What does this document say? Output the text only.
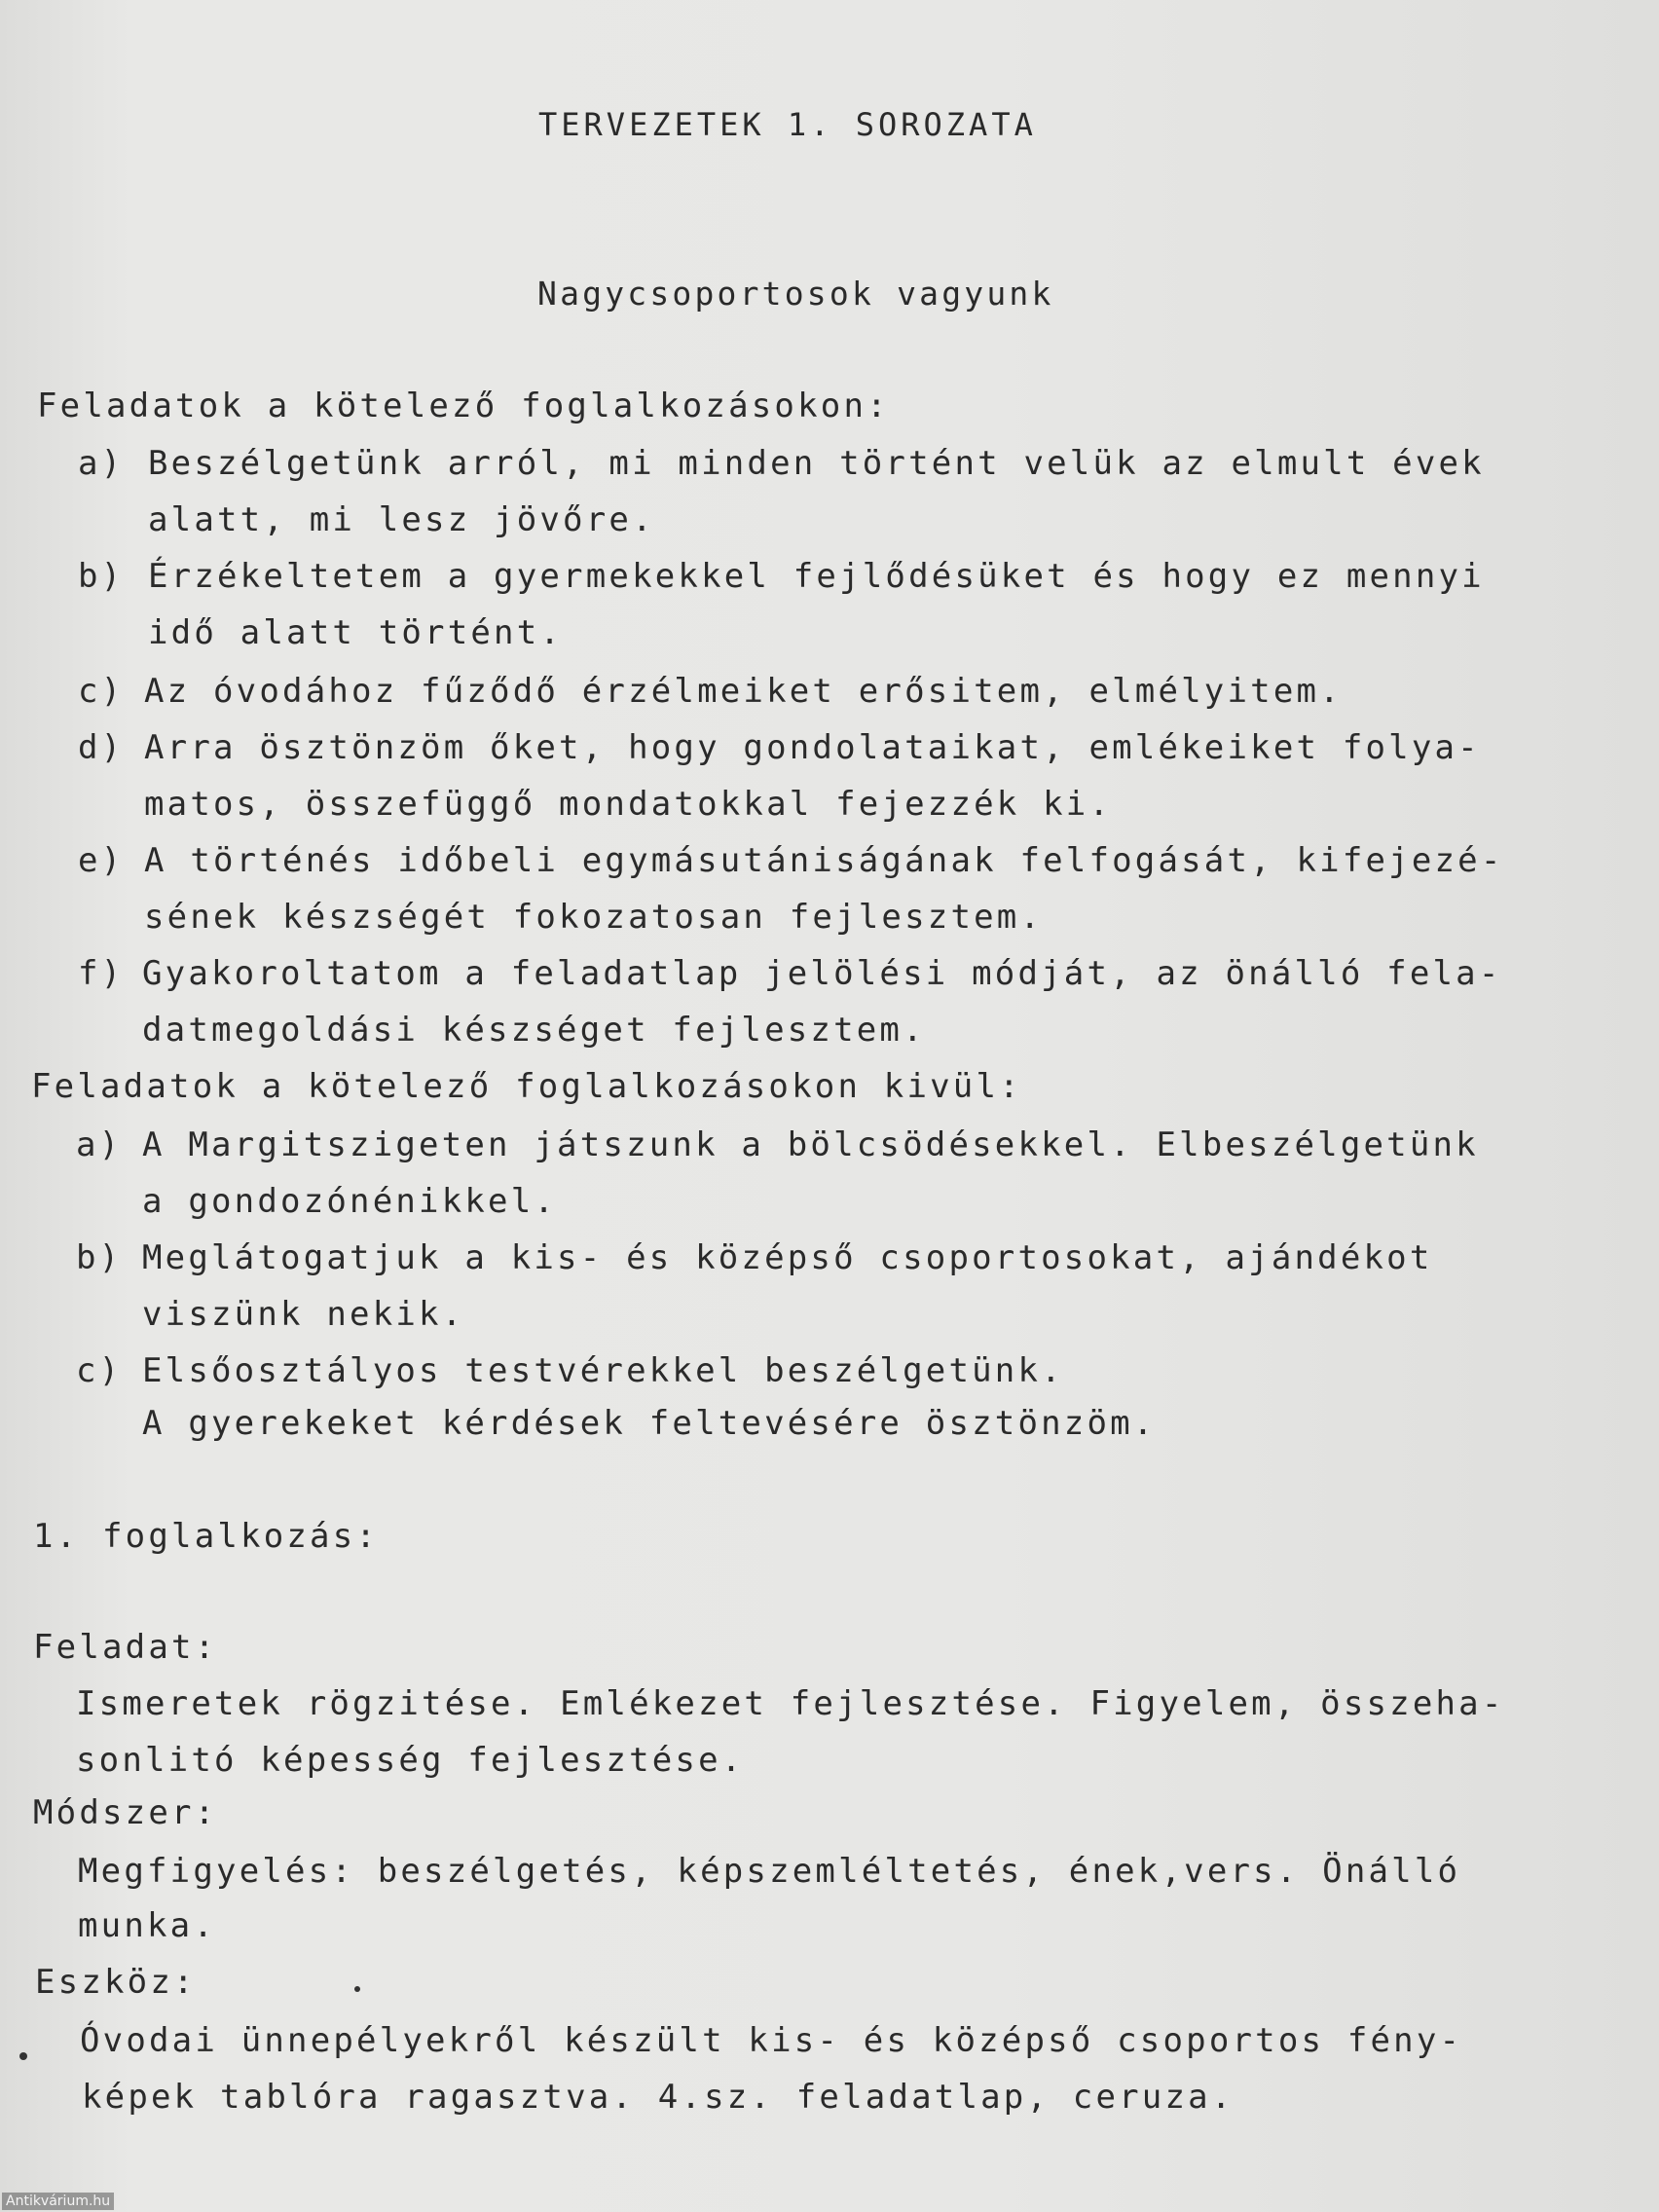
TERVEZETEK 1. SOROZATA
Nagycsoportosok vagyunk
Feladatok a kötelező foglalkozásokon:
a) Beszélgetünk arról, mi minden történt velük az elmult évek
alatt, mi lesz jövőre.
b) Érzékeltetem a gyermekekkel fejlődésüket és hogy ez mennyi
idő alatt történt.
c) Az óvodához fűződő érzélmeiket erősitem, elmélyitem.
d) Arra ösztönzöm őket, hogy gondolataikat, emlékeiket folya-
matos, összefüggő mondatokkal fejezzék ki.
e) A történés időbeli egymásutániságának felfogását, kifejezé-
sének készségét fokozatosan fejlesztem.
f) Gyakoroltatom a feladatlap jelölési módját, az önálló fela-
datmegoldási készséget fejlesztem.
Feladatok a kötelező foglalkozásokon kivül:
a) A Margitszigeten játszunk a bölcsödésekkel. Elbeszélgetünk
a gondozónénikkel.
b) Meglátogatjuk a kis- és középső csoportosokat, ajándékot
viszünk nekik.
c) Elsőosztályos testvérekkel beszélgetünk.
A gyerekeket kérdések feltevésére ösztönzöm.
1. foglalkozás:
Feladat:
Ismeretek rögzitése. Emlékezet fejlesztése. Figyelem, összeha-
sonlitó képesség fejlesztése.
Módszer:
Megfigyelés: beszélgetés, képszemléltetés, ének,vers. Önálló
munka.
Eszköz:
Óvodai ünnepélyekről készült kis- és középső csoportos fény-
képek tablóra ragasztva. 4.sz. feladatlap, ceruza.
Antikvárium.hu
